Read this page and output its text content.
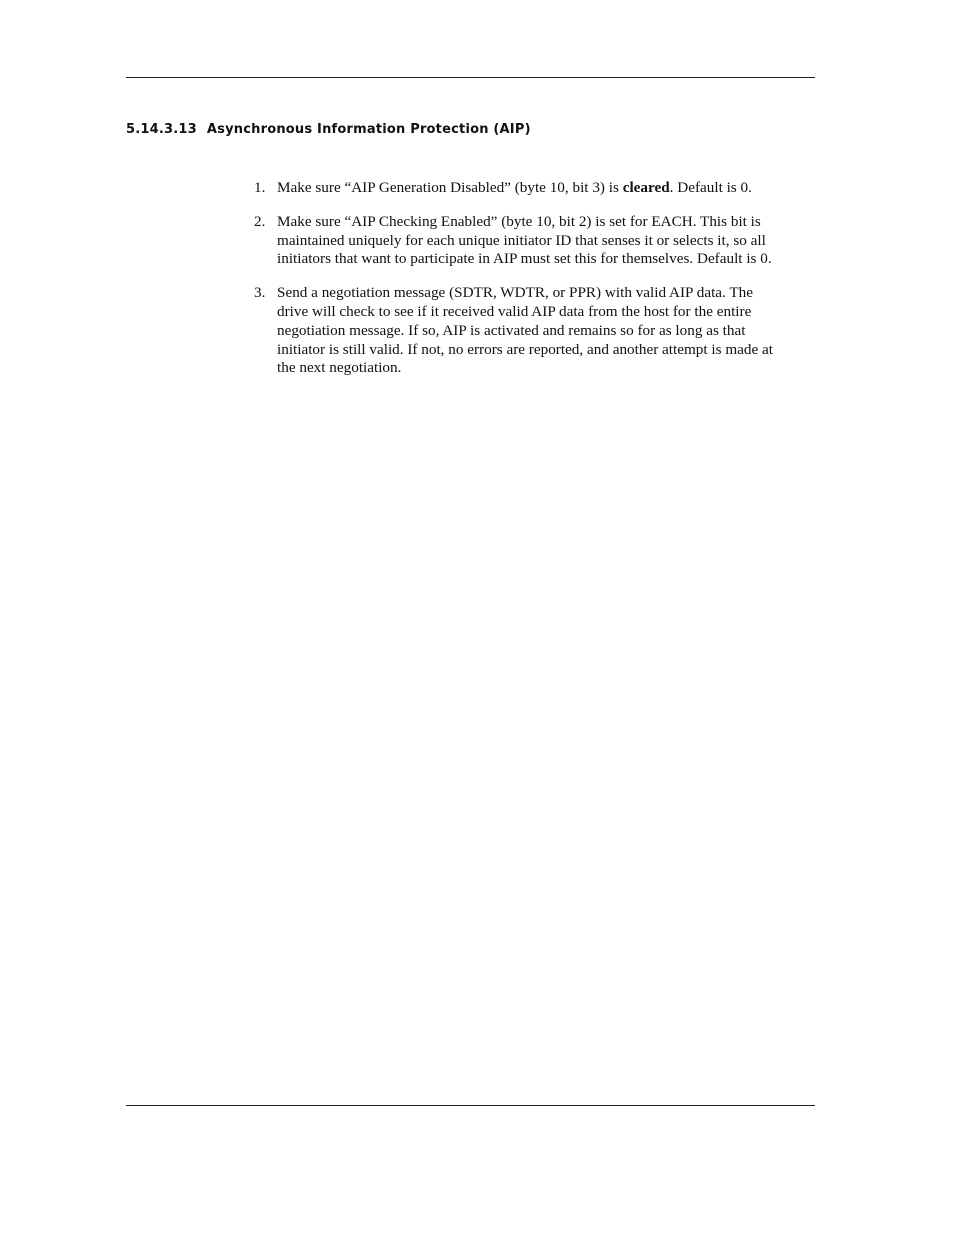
5.14.3.13 Asynchronous Information Protection (AIP)
1. Make sure “AIP Generation Disabled” (byte 10, bit 3) is cleared. Default is 0.
2. Make sure “AIP Checking Enabled” (byte 10, bit 2) is set for EACH. This bit is maintained uniquely for each unique initiator ID that senses it or selects it, so all initiators that want to participate in AIP must set this for themselves. Default is 0.
3. Send a negotiation message (SDTR, WDTR, or PPR) with valid AIP data. The drive will check to see if it received valid AIP data from the host for the entire negotiation message. If so, AIP is activated and remains so for as long as that initiator is still valid. If not, no errors are reported, and another attempt is made at the next negotiation.
